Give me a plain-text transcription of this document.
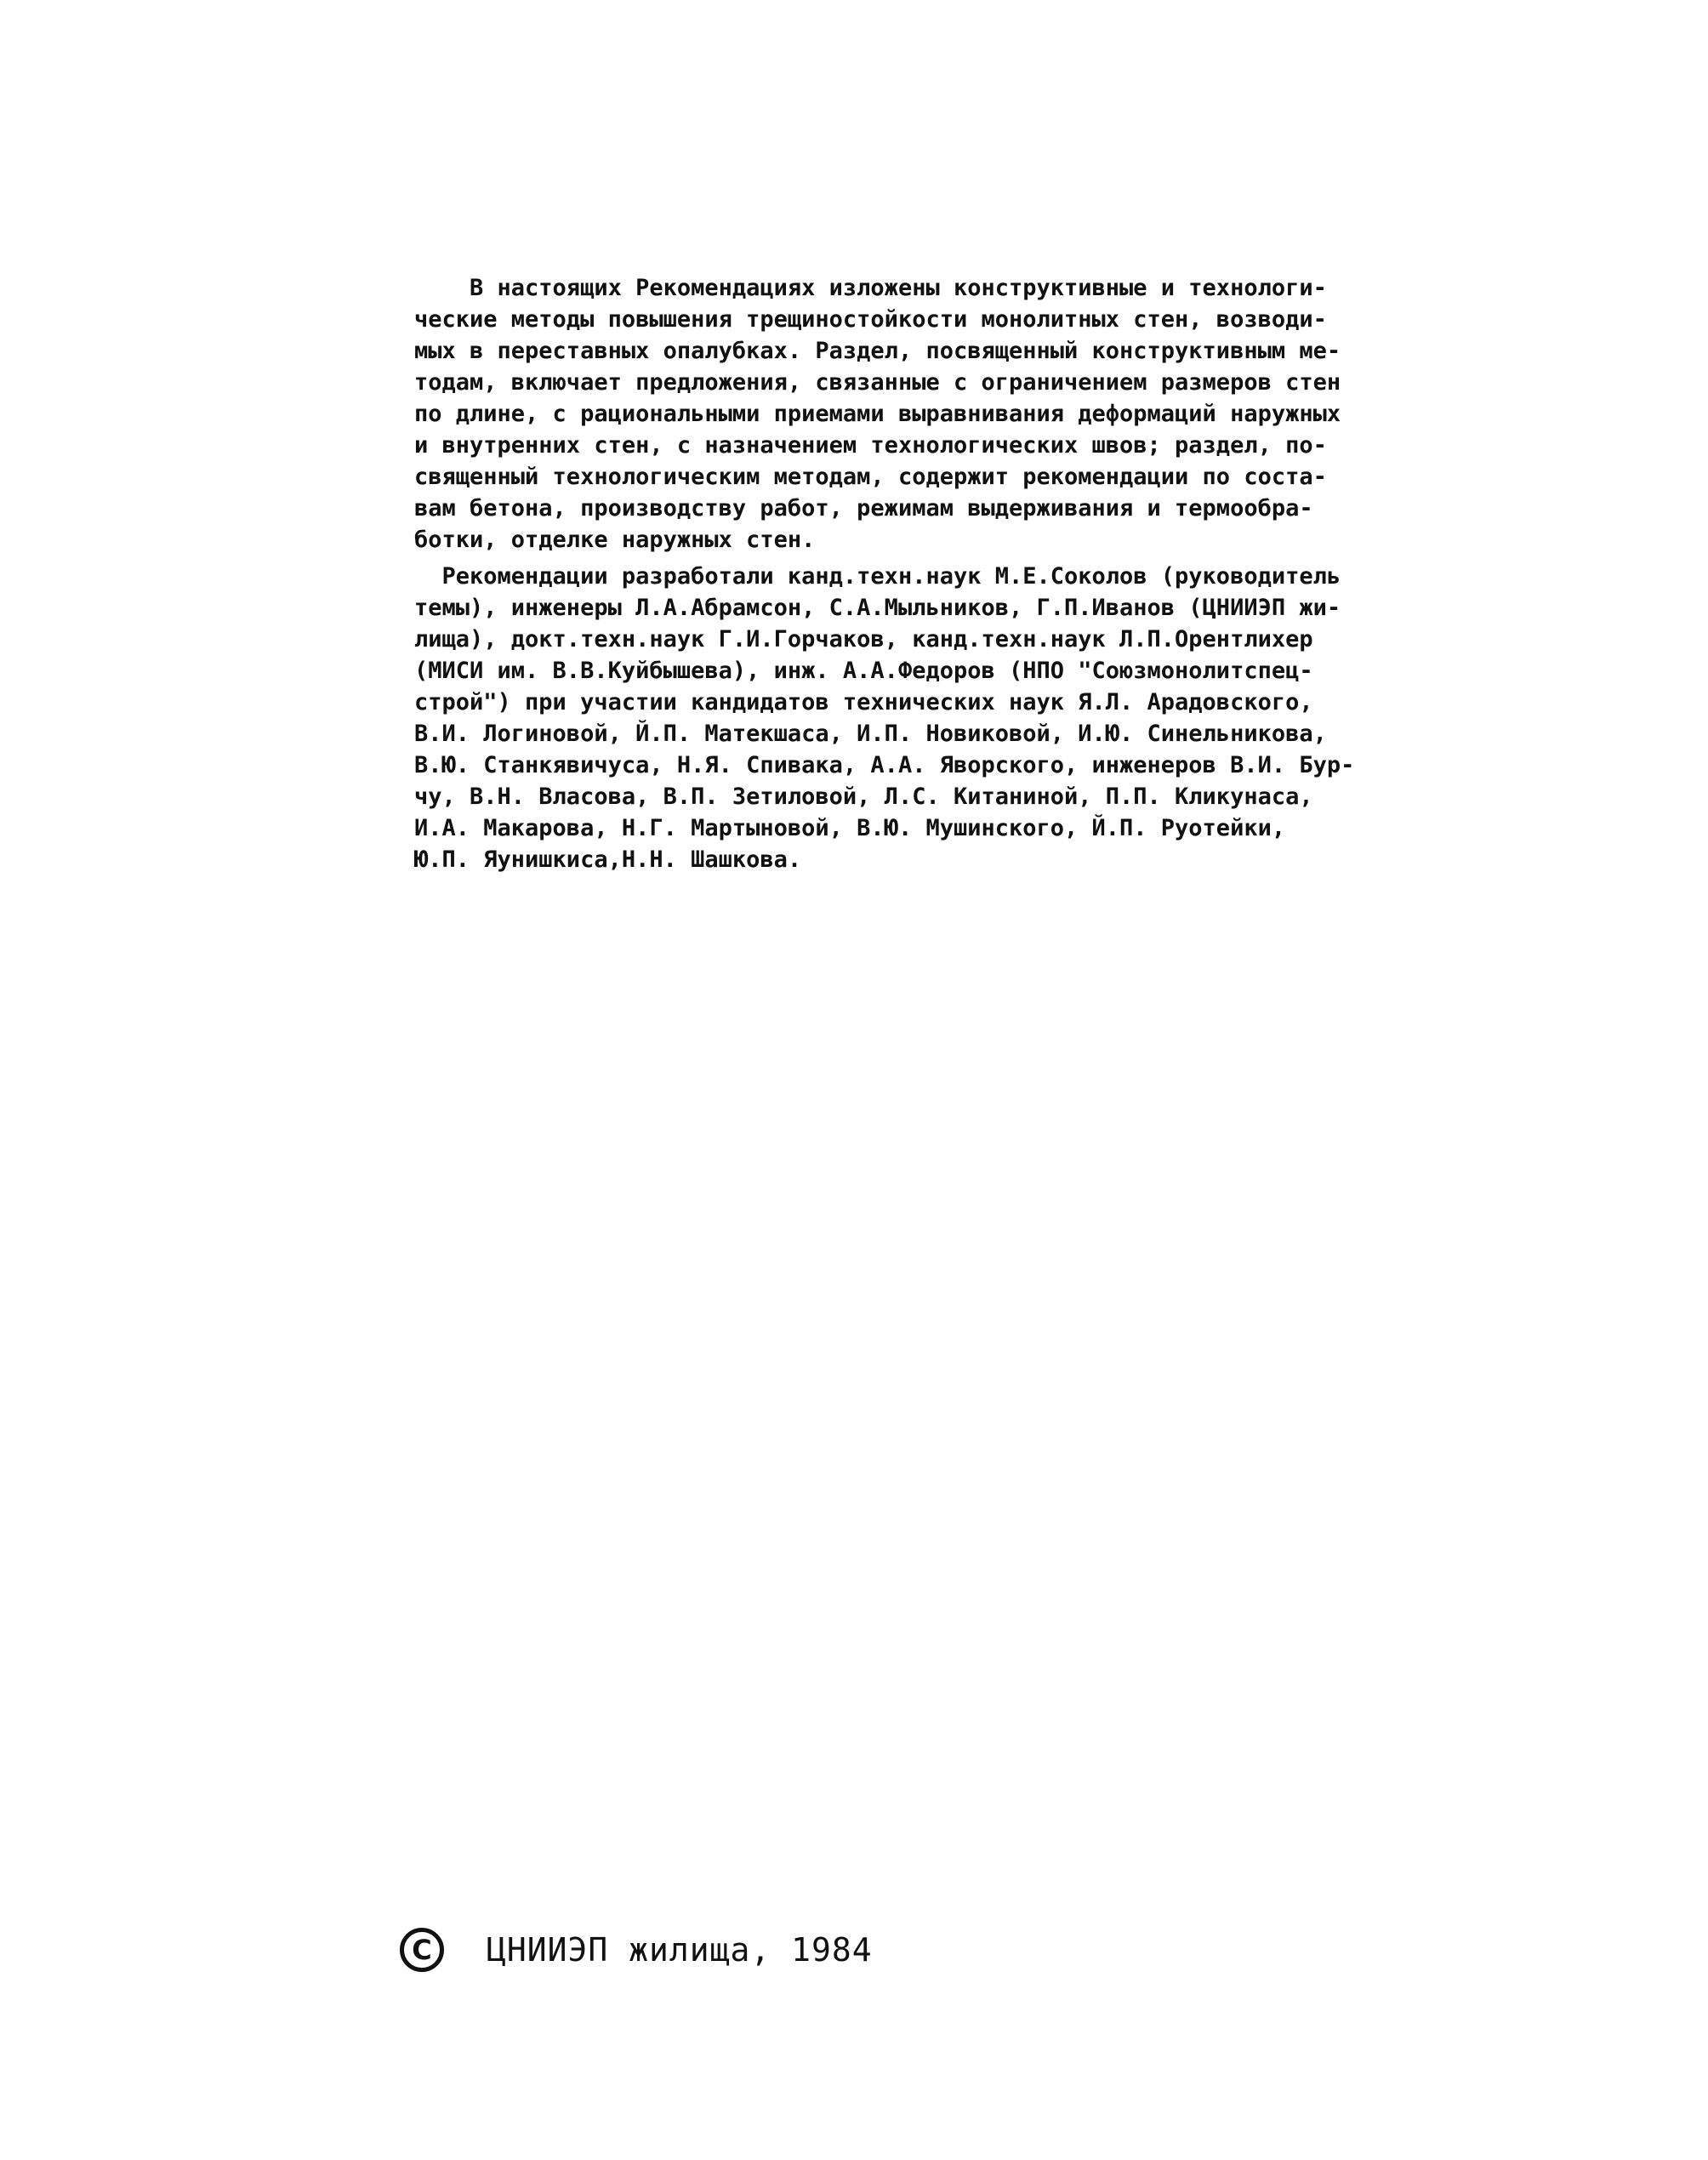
В настоящих Рекомендациях изложены конструктивные и технологи-
ческие методы повышения трещиностойкости монолитных стен, возводи-
мых в переставных опалубках. Раздел, посвященный конструктивным ме-
тодам, включает предложения, связанные с ограничением размеров стен
по длине, с рациональными приемами выравнивания деформаций наружных
и внутренних стен, с назначением технологических швов; раздел, по-
священный технологическим методам, содержит рекомендации по соста-
вам бетона, производству работ, режимам выдерживания и термообра-
ботки, отделке наружных стен.
Рекомендации разработали канд.техн.наук М.Е.Соколов (руководитель
темы), инженеры Л.А.Абрамсон, С.А.Мыльников, Г.П.Иванов (ЦНИИЭП жи-
лища), докт.техн.наук Г.И.Горчаков, канд.техн.наук Л.П.Орентлихер
(МИСИ им. В.В.Куйбышева), инж. А.А.Федоров (НПО "Союзмонолитспец-
строй") при участии кандидатов технических наук Я.Л. Арадовского,
В.И. Логиновой, Й.П. Матекшаса, И.П. Новиковой, И.Ю. Синельникова,
В.Ю. Станкявичуса, Н.Я. Спивака, А.А. Яворского, инженеров В.И. Бур-
чу, В.Н. Власова, В.П. Зетиловой, Л.С. Китаниной, П.П. Кликунаса,
И.А. Макарова, Н.Г. Мартыновой, В.Ю. Мушинского, Й.П. Руотейки,
Ю.П. Яунишкиса,Н.Н. Шашкова.
C	ЦНИИЭП жилища, 1984
